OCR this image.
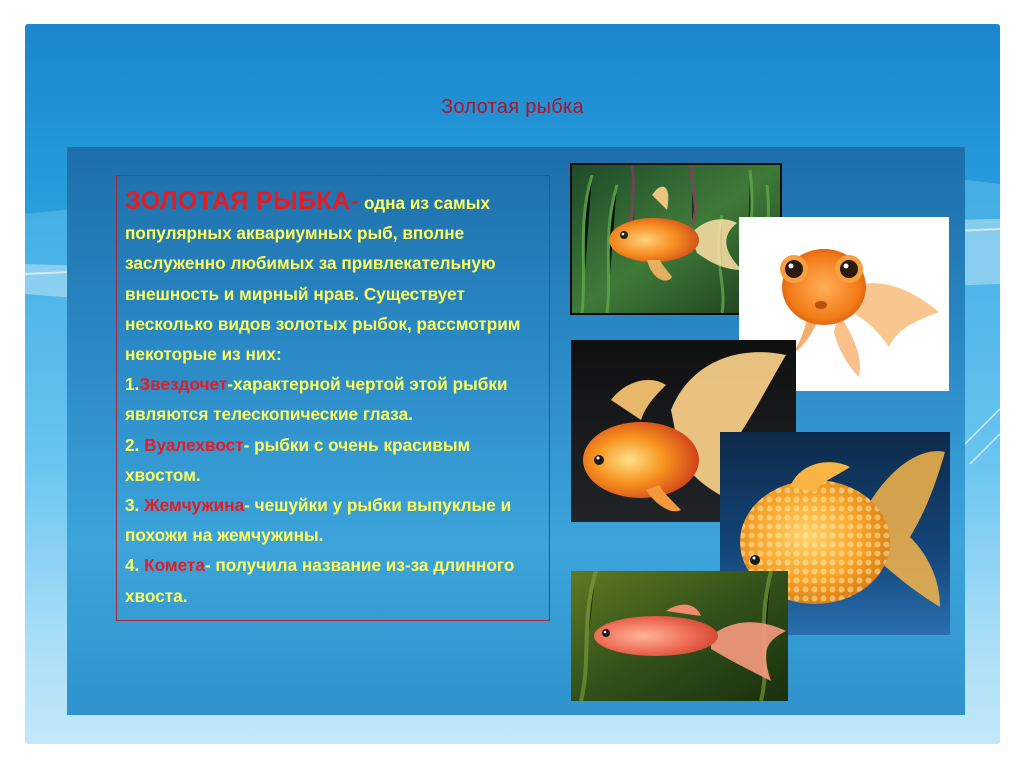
Золотая рыбка
ЗОЛОТАЯ РЫБКА- одна из самых популярных аквариумных рыб, вполне заслуженно любимых за привлекательную внешность и мирный нрав. Существует несколько видов золотых рыбок, рассмотрим некоторые из них:
1.Звездочет-характерной чертой этой рыбки являются телескопические глаза.
2. Вуалехвост- рыбки с очень красивым хвостом.
3. Жемчужина- чешуйки у рыбки выпуклые и похожи на жемчужины.
4. Комета- получила название из-за длинного хвоста.
